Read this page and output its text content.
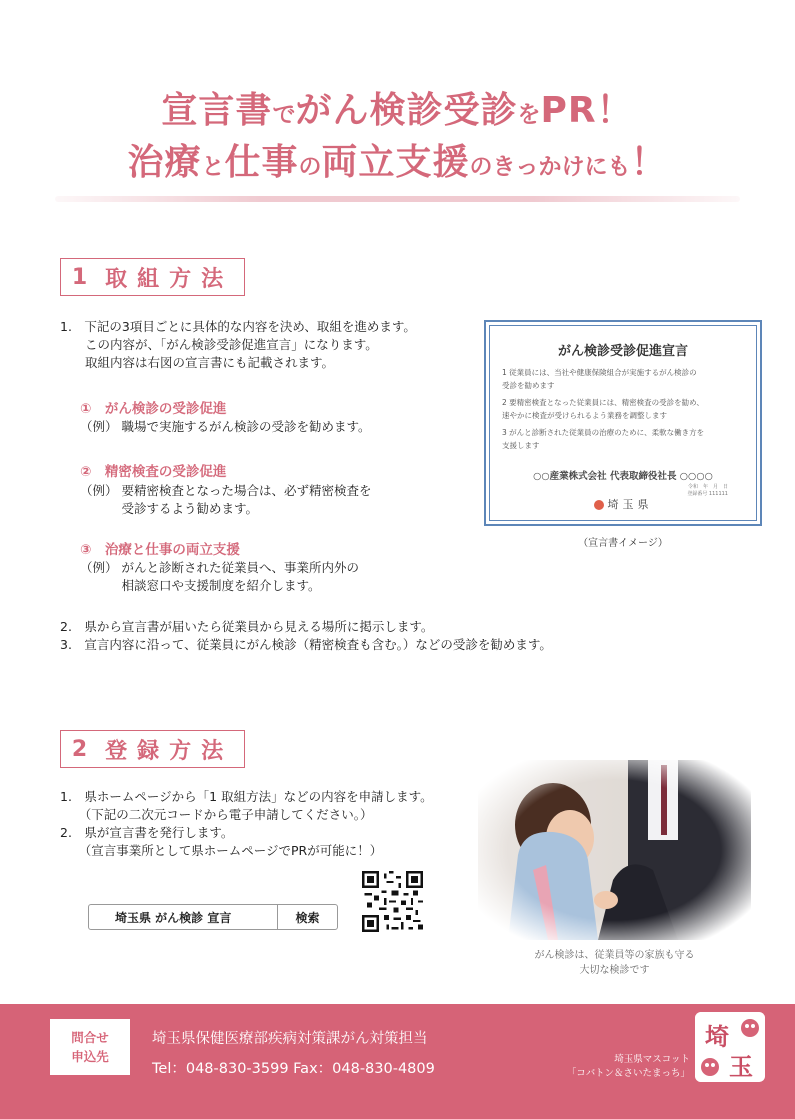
宣言書でがん検診受診をPR！
治療と仕事の両立支援のきっかけにも！
1 取組方法
1.　下記の3項目ごとに具体的な内容を決め、取組を進めます。
　　この内容が、「がん検診受診促進宣言」になります。
　　取組内容は右図の宣言書にも記載されます。
①　がん検診の受診促進
（例） 職場で実施するがん検診の受診を勧めます。
②　精密検査の受診促進
（例） 要精密検査となった場合は、必ず精密検査を
　　　 受診するよう勧めます。
③　治療と仕事の両立支援
（例） がんと診断された従業員へ、事業所内外の
　　　 相談窓口や支援制度を紹介します。
2.　県から宣言書が届いたら従業員から見える場所に掲示します。
3.　宣言内容に沿って、従業員にがん検診（精密検査も含む。）などの受診を勧めます。
がん検診受診促進宣言
1 従業員には、当社や健康保険組合が実施するがん検診の
受診を勧めます
2 要精密検査となった従業員には、精密検査の受診を勧め、
速やかに検査が受けられるよう業務を調整します
3 がんと診断された従業員の治療のために、柔軟な働き方を
支援します
○○産業株式会社 代表取締役社長 ○○○○
令和　年　月　日
登録番号 111111
埼玉県
（宣言書イメージ）
2 登録方法
1.　県ホームページから「1 取組方法」などの内容を申請します。
　　（下記の二次元コードから電子申請してください。）
2.　県が宣言書を発行します。
　　（宣言事業所として県ホームページでPRが可能に！）
埼玉県 がん検診 宣言	検索
がん検診は、従業員等の家族も守る
大切な検診です
問合せ
申込先
埼玉県保健医療部疾病対策課がん対策担当
Tel：048-830-3599 Fax：048-830-4809
埼玉県マスコット
「コバトン＆さいたまっち」
埼
玉
